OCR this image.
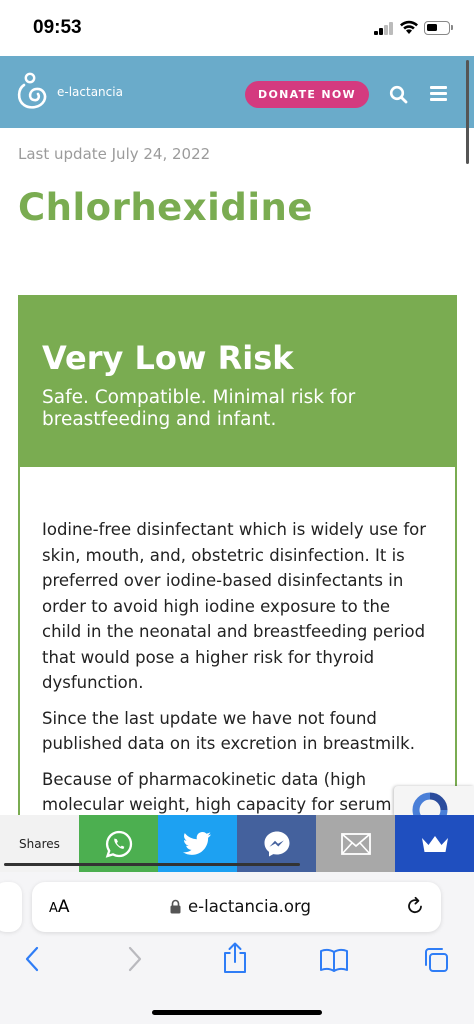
09:53
e-lactancia	DONATE NOW
Last update July 24, 2022
Chlorhexidine
Very Low Risk
Safe. Compatible. Minimal risk for breastfeeding and infant.

Iodine-free disinfectant which is widely use for skin, mouth, and, obstetric disinfection. It is preferred over iodine-based disinfectants in order to avoid high iodine exposure to the child in the neonatal and breastfeeding period that would pose a higher risk for thyroid dysfunction.

Since the last update we have not found published data on its excretion in breastmilk.

Because of pharmacokinetic data (high molecular weight, high capacity for serum

Shares
AA	e-lactancia.org
